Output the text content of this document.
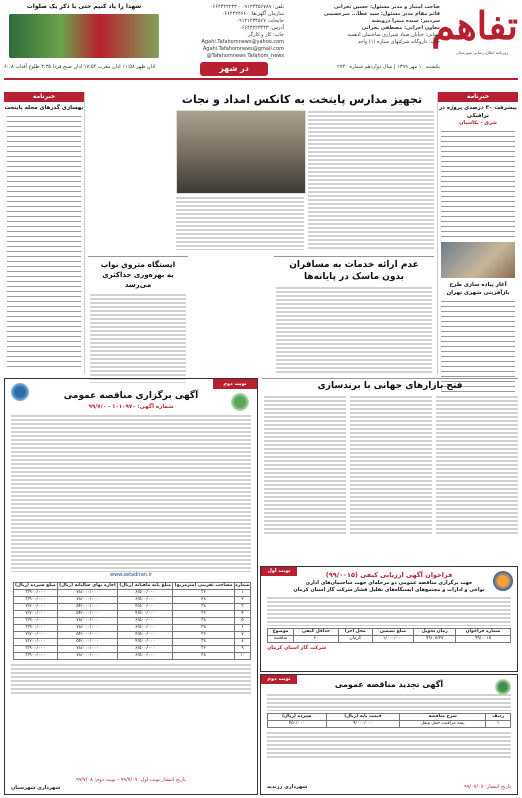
تفاهم
روزنامه اطلاع رسانی شهرستان
صاحب امتیاز و مدیر مسئول: حسین بحرانی
قائم مقام مدیر مسئول: سید عطا... میرحسینی
سردبیر: سیده میترا درویشه
معاون اجرایی: مصطفی بحرانی
نشانی: خیابان صیاد شیرازی ساختمان ادهمیه
چاپ: داروگانه شرکتهای ستاره (۱) واحد
تلفن: ۰۹۱۲۳۴۵۶۷۸۹ - ۰۶۶۴۴۲۲۲۳۳
سازمان آگهی‌ها: ۰۶۶۴۴۲۴۶۶۰
چاپخانه: ۰۹۱۲۱۲۳۴۵۶۷
آدرس: ۰۶۶۴۳۲۲۳۴۳۳
چاپ: کار و کارگر
Agahi.Tafahomnews@yahoo.com
Agahi.Tafahomnews@gmail.com
@Tafahomnews Tafahom_news
شهدا را یاد کنیم حتی با ذکر یک صلوات
اذان ظهر ۱۱:۵۸ اذان مغرب ۱۷:۵۴ اذان صبح فردا ۴:۳۵ طلوع آفتاب ۶:۰۸	یکشنبه ۱۰ مهر ۱۳۹۹ | سال دوازدهم شماره ۲۷۳۰
در شهر
خبرنامه
پیشرفت ۳۰ درصدی پروژه در ترافیکی
شرق - تکاسیان
آغاز پیاده سازی طرح
بازآفرینی شهری تهران
تجهیز مدارس پایتخت به کانکس امداد و نجات
خبرنامه
بهسازی گذرهای محله پایتخت
عدم ارائه خدمات به مسافران
بدون ماسک در پایانه‌ها
ایستگاه متروی نواب
به بهره‌وری حداکثری می‌رسد
نوبت دوم
آگهی برگزاری مناقصه عمومی
شماره آگهی: ۱۰۱۰۹۷۰ - ۹۹/۷/۰
www.setadiran.ir
شماره	مساحت تقریبی (مترمربع)	مبلغ پایه ماهیانه (ریال)	اجاره بهای سالیانه (ریال)	مبلغ سپرده (ریال)
۱	۳۶	۶/۵۰۰/۰۰۰	۷۸/۰۰۰/۰۰۰	۳/۹۰۰/۰۰۰
۲	۲۸	۶/۵۰۰/۰۰۰	۷۸/۰۰۰/۰۰۰	۳/۹۰۰/۰۰۰
۳	۳۸	۴/۵۰۰/۰۰۰	۵۴/۰۰۰/۰۰۰	۲/۷۰۰/۰۰۰
۴	۳۶	۴/۵۰۰/۰۰۰	۵۴/۰۰۰/۰۰۰	۲/۷۰۰/۰۰۰
۵	۳۸	۶/۵۰۰/۰۰۰	۷۸/۰۰۰/۰۰۰	۳/۹۰۰/۰۰۰
۶	۳۸	۶/۵۰۰/۰۰۰	۷۸/۰۰۰/۰۰۰	۳/۹۰۰/۰۰۰
۷	۳۶	۴/۵۰۰/۰۰۰	۵۴/۰۰۰/۰۰۰	۲/۷۰۰/۰۰۰
۸	۳۸	۴/۵۰۰/۰۰۰	۵۴/۰۰۰/۰۰۰	۲/۷۰۰/۰۰۰
۹	۳۶	۶/۵۰۰/۰۰۰	۷۸/۰۰۰/۰۰۰	۳/۹۰۰/۰۰۰
۱۰	۳۸	۶/۵۰۰/۰۰۰	۷۸/۰۰۰/۰۰۰	۳/۹۰۰/۰۰۰
تاریخ انتشار نوبت اول: ۹۹/۷/۰۷ - نوبت دوم: ۹۹/۷/۰۸
شهرداری شهرستان
فتح بازارهای جهانی با برندسازی
نوبت اول	فراخوان آگهی ارزیابی کیفی (۹۹/۰۰۱۵)
جهت برگزاری مناقصه عمومی دو مرحله‌ای جهت ساختمان‌های اداری
نواحی و ادارات و مجتمع‌های ایستگاه‌های تقلیل فشار شرکت گاز استان کرمان
شماره فراخوان	زمان تحویل	مبلغ تضمین	محل اجرا	حداقل کیفی	موضوع
۹۹/۰۰۱۵	۹۹/۰۷/۲۷	۱/۰۰۰/۰۰۰	کرمان	۶۰	مناقصه
شرکت گاز استان کرمان
نوبت دوم
آگهی تجدید مناقصه عمومی
ردیف	شرح مناقصه	قیمت پایه (ریال)	سپرده (ریال)
۱	بیمه مراقبت حمل ونقل	۹/۰۰۰/۰۰۰	۴۵۰/۰۰۰
تاریخ انتشار: ۹۹/۰۷/۰۷
شهرداری زرندیه
